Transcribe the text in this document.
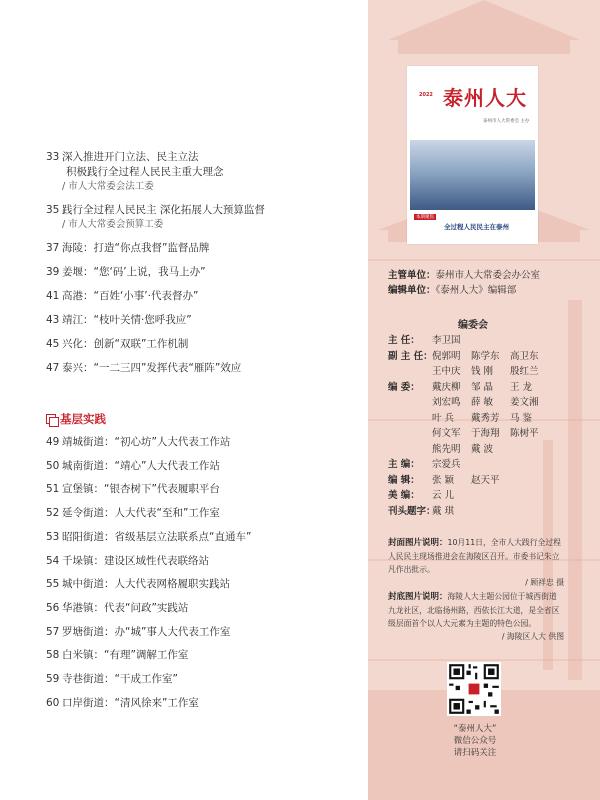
33 深入推进开门立法、民主立法
积极践行全过程人民民主重大理念
/ 市人大常委会法工委
35 践行全过程人民民主 深化拓展人大预算监督
/ 市人大常委会预算工委
37 海陵：打造“你点我督”监督品牌
39 姜堰：“您‘码’上说，我马上办”
41 高港：“百姓‘小事’·代表督办”
43 靖江：“枝叶关情·您呼我应”
45 兴化：创新“双联”工作机制
47 泰兴：“一二三四”发挥代表“雁阵”效应
基层实践
49 靖城街道：“初心坊”人大代表工作站
50 城南街道：“靖心”人大代表工作站
51 宣堡镇：“银杏树下”代表履职平台
52 延令街道：人大代表“至和”工作室
53 昭阳街道：省级基层立法联系点“直通车”
54 千垛镇：建设区域性代表联络站
55 城中街道：人大代表网格履职实践站
56 华港镇：代表“问政”实践站
57 罗塘街道：办“城”事人大代表工作室
58 白米镇：“有理”调解工作室
59 寺巷街道：“干成工作室”
60 口岸街道：“清风徐来”工作室
2022 泰州人大
泰州市人大常委会 主办
本期聚焦
全过程人民民主在泰州
主管单位：泰州市人大常委会办公室
编辑单位：《泰州人大》编辑部
编委会
主 任：	李卫国
副 主 任： 倪郭明	陈学东	高卫东
王中庆	钱 刚	殷红兰
编 委：	戴庆柳	邹 晶	王 龙
刘宏鸣	薛 敏	姜文湘
叶 兵	戴秀芳	马 鉴
何文军	于海翔	陈树平
熊先明	戴 波
主 编：	宗爱兵
编 辑：	张 颖	赵天平
美 编：	云 儿
刊头题字：
戴 琪
封面图片说明：10月11日，全市人大践行全过程人民民主现场推进会在海陵区召开。市委书记朱立凡作出批示。
/ 顾祥忠 摄
封底图片说明：海陵人大主题公园位于城西街道九龙社区，北临扬州路，西依长江大道，是全省区级层面首个以人大元素为主题的特色公园。
/ 海陵区人大 供图
“泰州人大”
微信公众号
请扫码关注
